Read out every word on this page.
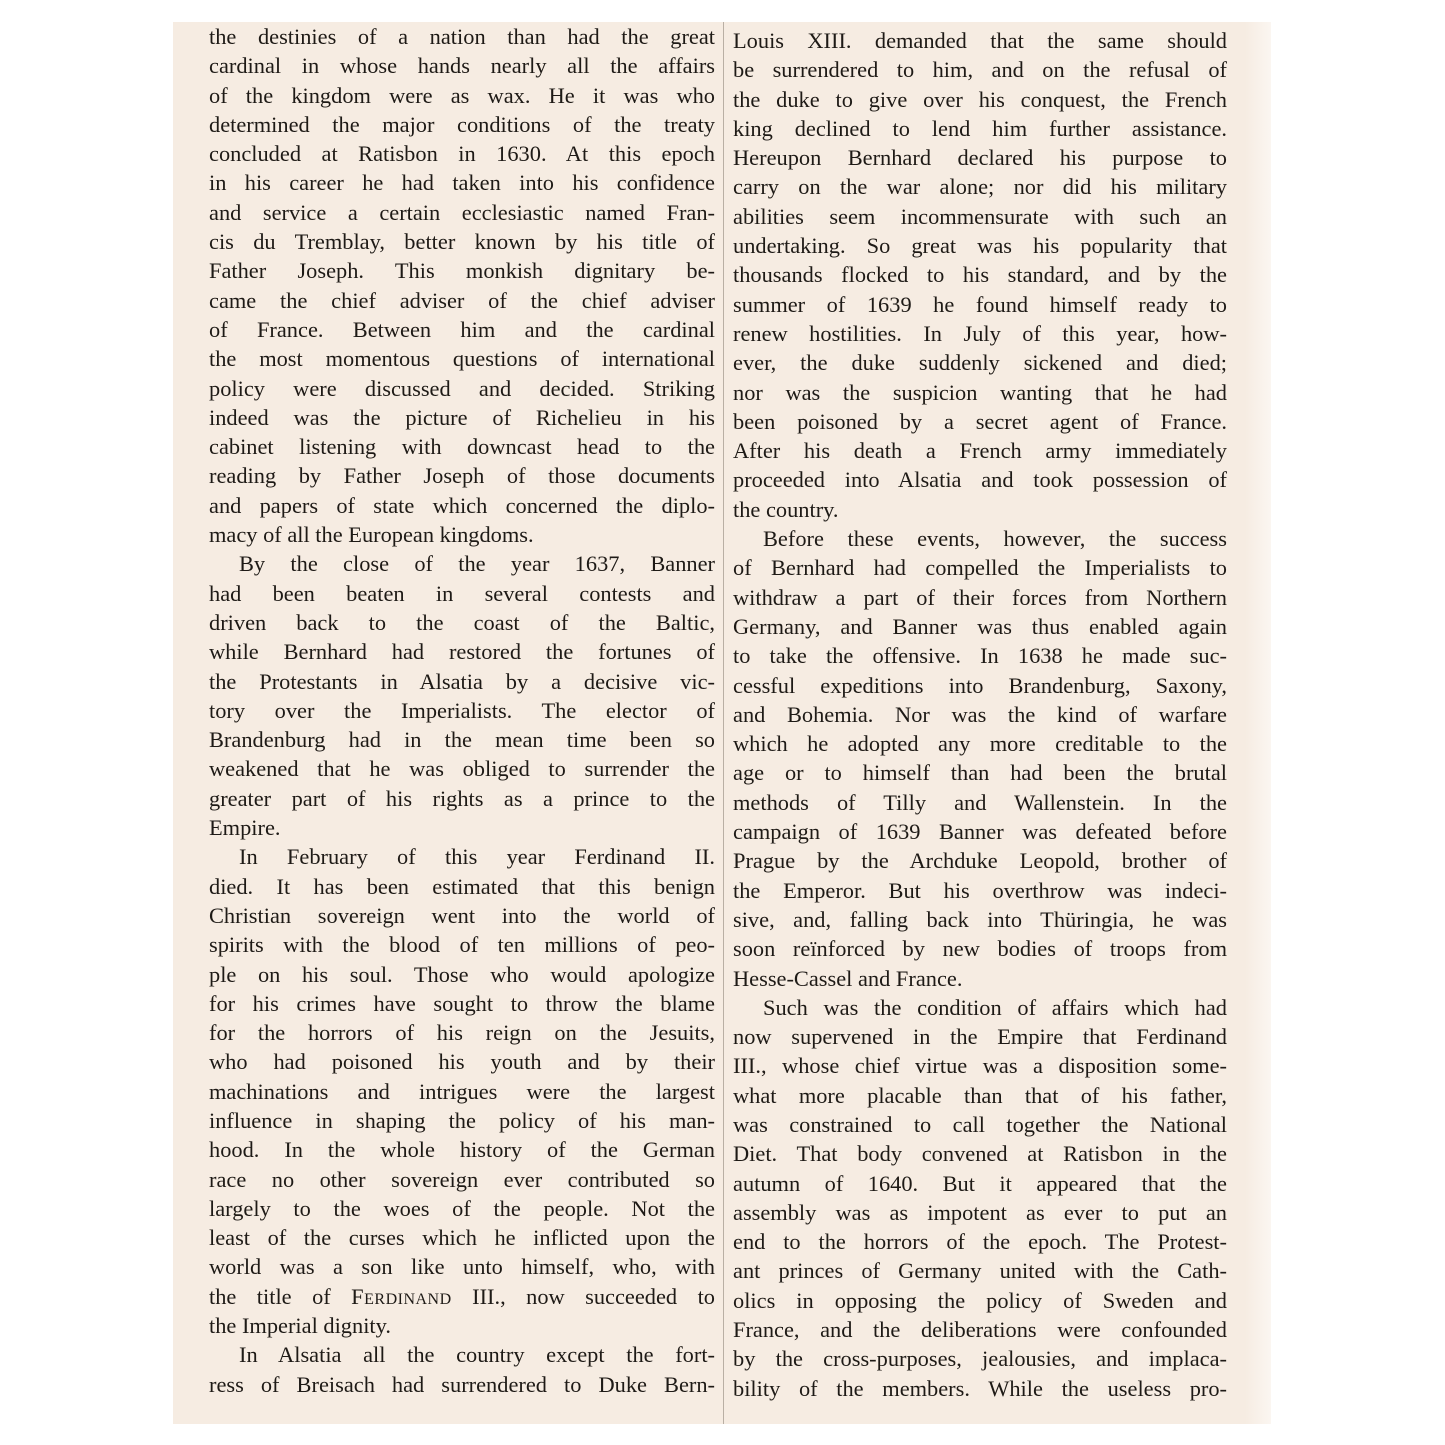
the destinies of a nation than had the great
cardinal in whose hands nearly all the affairs
of the kingdom were as wax. He it was who
determined the major conditions of the treaty
concluded at Ratisbon in 1630. At this epoch
in his career he had taken into his confidence
and service a certain ecclesiastic named Fran-
cis du Tremblay, better known by his title of
Father Joseph. This monkish dignitary be-
came the chief adviser of the chief adviser
of France. Between him and the cardinal
the most momentous questions of international
policy were discussed and decided. Striking
indeed was the picture of Richelieu in his
cabinet listening with downcast head to the
reading by Father Joseph of those documents
and papers of state which concerned the diplo-
macy of all the European kingdoms.
By the close of the year 1637, Banner
had been beaten in several contests and
driven back to the coast of the Baltic,
while Bernhard had restored the fortunes of
the Protestants in Alsatia by a decisive vic-
tory over the Imperialists. The elector of
Brandenburg had in the mean time been so
weakened that he was obliged to surrender the
greater part of his rights as a prince to the
Empire.
In February of this year Ferdinand II.
died. It has been estimated that this benign
Christian sovereign went into the world of
spirits with the blood of ten millions of peo-
ple on his soul. Those who would apologize
for his crimes have sought to throw the blame
for the horrors of his reign on the Jesuits,
who had poisoned his youth and by their
machinations and intrigues were the largest
influence in shaping the policy of his man-
hood. In the whole history of the German
race no other sovereign ever contributed so
largely to the woes of the people. Not the
least of the curses which he inflicted upon the
world was a son like unto himself, who, with
the title of Ferdinand III., now succeeded to
the Imperial dignity.
In Alsatia all the country except the fort-
ress of Breisach had surrendered to Duke Bern-
Louis XIII. demanded that the same should
be surrendered to him, and on the refusal of
the duke to give over his conquest, the French
king declined to lend him further assistance.
Hereupon Bernhard declared his purpose to
carry on the war alone; nor did his military
abilities seem incommensurate with such an
undertaking. So great was his popularity that
thousands flocked to his standard, and by the
summer of 1639 he found himself ready to
renew hostilities. In July of this year, how-
ever, the duke suddenly sickened and died;
nor was the suspicion wanting that he had
been poisoned by a secret agent of France.
After his death a French army immediately
proceeded into Alsatia and took possession of
the country.
Before these events, however, the success
of Bernhard had compelled the Imperialists to
withdraw a part of their forces from Northern
Germany, and Banner was thus enabled again
to take the offensive. In 1638 he made suc-
cessful expeditions into Brandenburg, Saxony,
and Bohemia. Nor was the kind of warfare
which he adopted any more creditable to the
age or to himself than had been the brutal
methods of Tilly and Wallenstein. In the
campaign of 1639 Banner was defeated before
Prague by the Archduke Leopold, brother of
the Emperor. But his overthrow was indeci-
sive, and, falling back into Thüringia, he was
soon reïnforced by new bodies of troops from
Hesse-Cassel and France.
Such was the condition of affairs which had
now supervened in the Empire that Ferdinand
III., whose chief virtue was a disposition some-
what more placable than that of his father,
was constrained to call together the National
Diet. That body convened at Ratisbon in the
autumn of 1640. But it appeared that the
assembly was as impotent as ever to put an
end to the horrors of the epoch. The Protest-
ant princes of Germany united with the Cath-
olics in opposing the policy of Sweden and
France, and the deliberations were confounded
by the cross-purposes, jealousies, and implaca-
bility of the members. While the useless pro-
